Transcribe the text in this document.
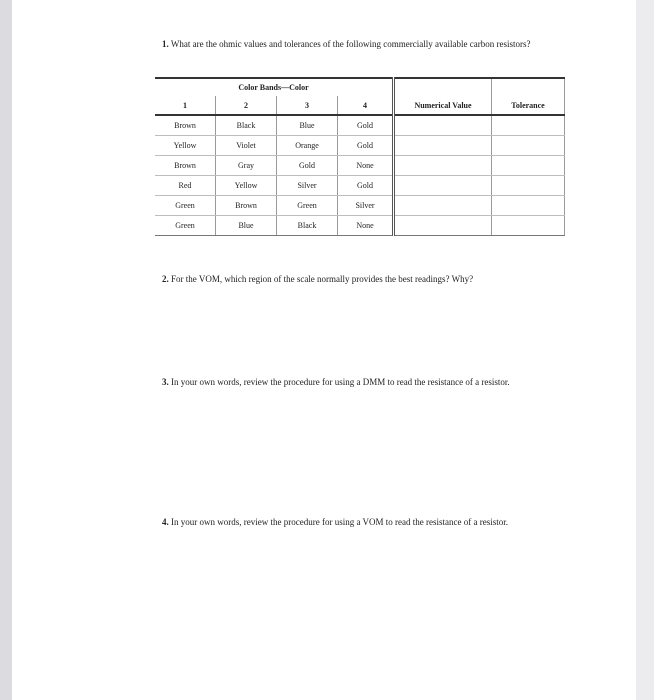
1. What are the ohmic values and tolerances of the following commercially available carbon resistors?
Color Bands—Color					
1	2	3	4	Numerical Value	Tolerance
Brown	Black	Blue	Gold		
Yellow	Violet	Orange	Gold		
Brown	Gray	Gold	None		
Red	Yellow	Silver	Gold		
Green	Brown	Green	Silver		
Green	Blue	Black	None		
2. For the VOM, which region of the scale normally provides the best readings? Why?
3. In your own words, review the procedure for using a DMM to read the resistance of a resistor.
4. In your own words, review the procedure for using a VOM to read the resistance of a resistor.
